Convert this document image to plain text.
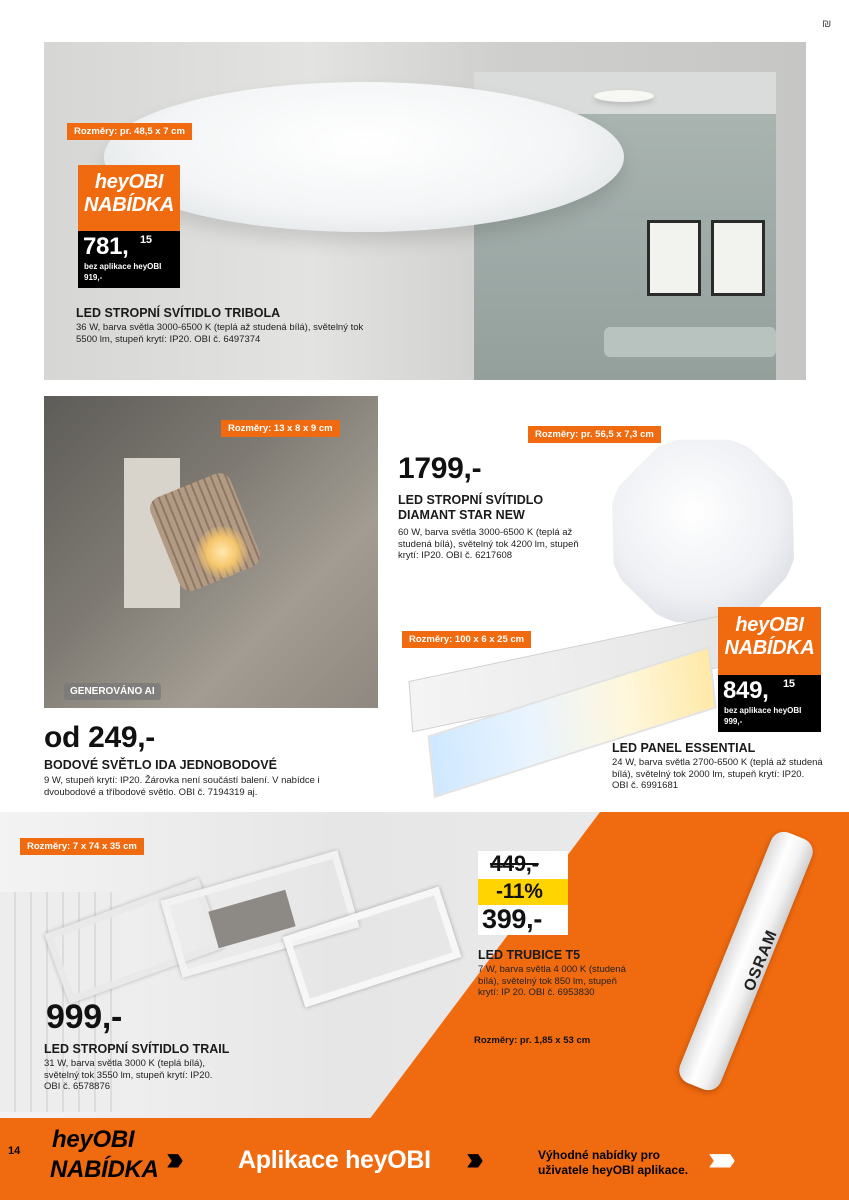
₪
Rozměry: pr. 48,5 x 7 cm
heyOBI
NABÍDKA
781, 15
bez aplikace heyOBI
919,-
LED STROPNÍ SVÍTIDLO TRIBOLA
36 W, barva světla 3000-6500 K (teplá až studená bílá), světelný tok
5500 lm, stupeň krytí: IP20. OBI č. 6497374
GENEROVÁNO AI
Rozměry: 13 x 8 x 9 cm
od 249,-
BODOVÉ SVĚTLO IDA JEDNOBODOVÉ
9 W, stupeň krytí: IP20. Žárovka není součástí balení. V nabídce i
dvoubodové a tříbodové světlo. OBI č. 7194319 aj.
Rozměry: pr. 56,5 x 7,3 cm
1799,-
LED STROPNÍ SVÍTIDLO
DIAMANT STAR NEW
60 W, barva světla 3000-6500 K (teplá až
studená bílá), světelný tok 4200 lm, stupeň
krytí: IP20. OBI č. 6217608
Rozměry: 100 x 6 x 25 cm
heyOBI
NABÍDKA
849, 15
bez aplikace heyOBI
999,-
LED PANEL ESSENTIAL
24 W, barva světla 2700-6500 K (teplá až studená
bílá), světelný tok 2000 lm, stupeň krytí: IP20.
OBI č. 6991681
Rozměry: 7 x 74 x 35 cm
999,-
LED STROPNÍ SVÍTIDLO TRAIL
31 W, barva světla 3000 K (teplá bílá),
světelný tok 3550 lm, stupeň krytí: IP20.
OBI č. 6578876
OSRAM
449,-
-11%
399,-
LED TRUBICE T5
7 W, barva světla 4 000 K (studená
bílá), světelný tok 850 lm, stupeň
krytí: IP 20. OBI č. 6953830
Rozměry: pr. 1,85 x 53 cm
14 heyOBI
NABÍDKA ››› Aplikace heyOBI ›››	Výhodné nabídky pro
uživatele heyOBI aplikace. ››››››
